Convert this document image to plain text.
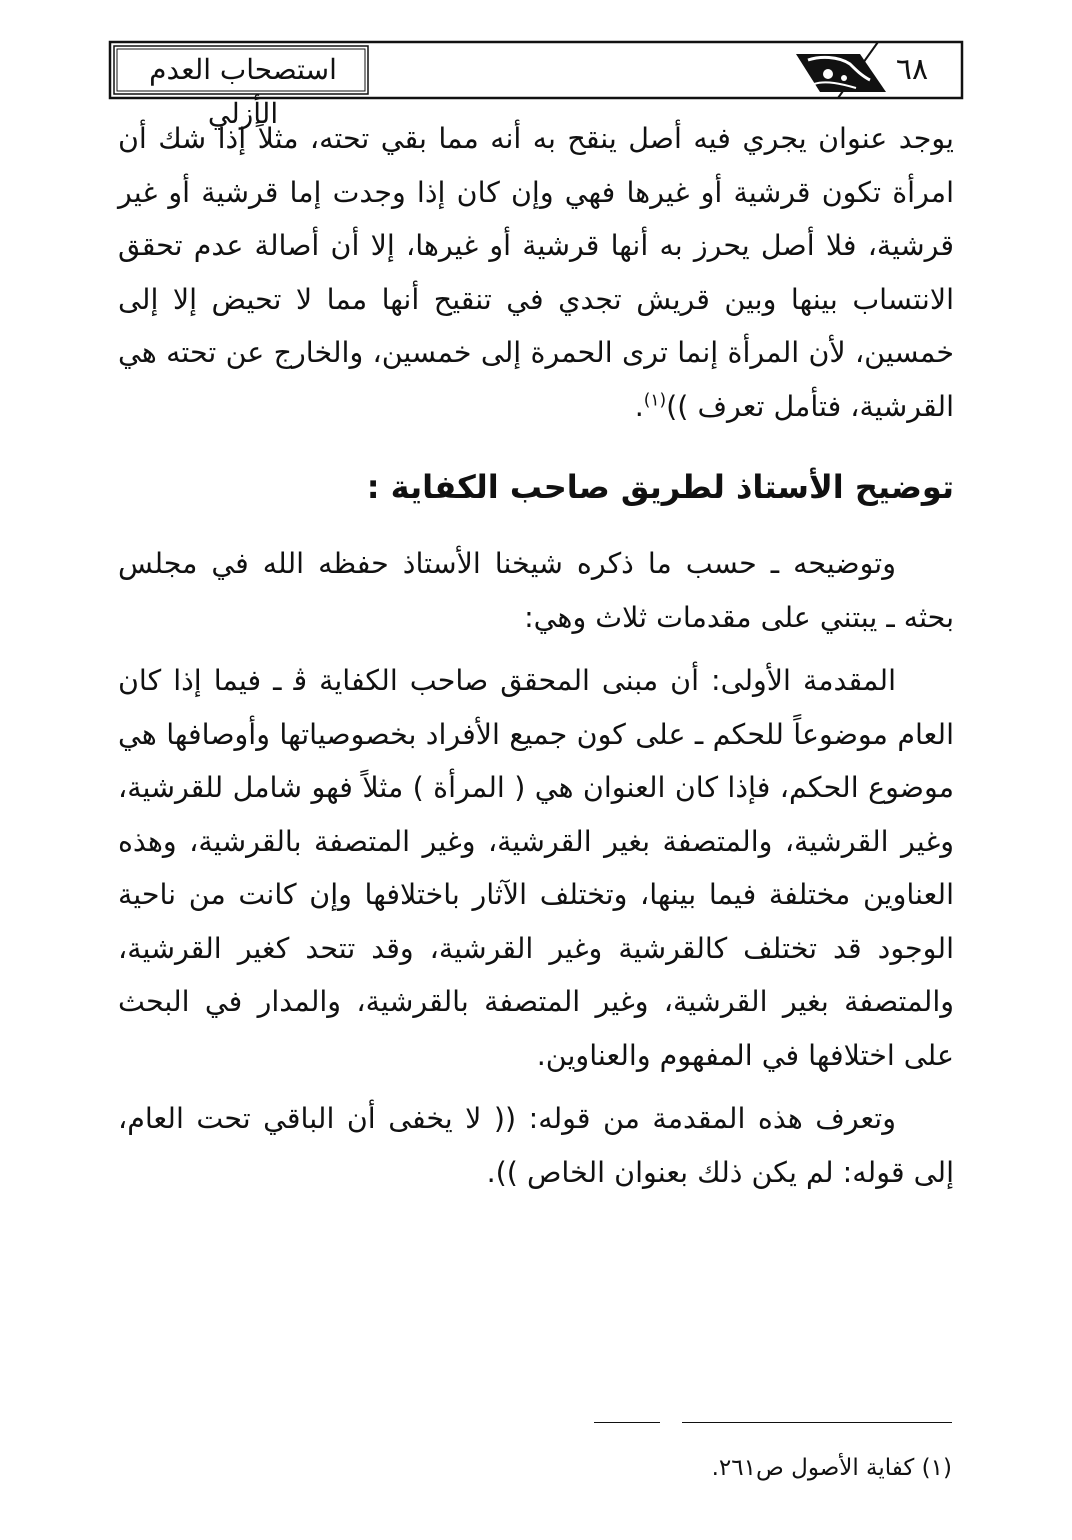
٦٨
استصحاب العدم الأزلي

يوجد عنوان يجري فيه أصل ينقح به أنه مما بقي تحته، مثلاً إذا شك أن امرأة تكون قرشية أو غيرها فهي وإن كان إذا وجدت إما قرشية أو غير قرشية، فلا أصل يحرز به أنها قرشية أو غيرها، إلا أن أصالة عدم تحقق الانتساب بينها وبين قريش تجدي في تنقيح أنها مما لا تحيض إلا إلى خمسين، لأن المرأة إنما ترى الحمرة إلى خمسين، والخارج عن تحته هي القرشية، فتأمل تعرف ))$^{(١)}$.

توضيح الأستاذ لطريق صاحب الكفاية :

وتوضيحه ـ حسب ما ذكره شيخنا الأستاذ حفظه الله في مجلس بحثه ـ يبتني على مقدمات ثلاث وهي:

المقدمة الأولى: أن مبنى المحقق صاحب الكفاية ﭬ ـ فيما إذا كان العام موضوعاً للحكم ـ على كون جميع الأفراد بخصوصياتها وأوصافها هي موضوع الحكم، فإذا كان العنوان هي ( المرأة ) مثلاً فهو شامل للقرشية، وغير القرشية، والمتصفة بغير القرشية، وغير المتصفة بالقرشية، وهذه العناوين مختلفة فيما بينها، وتختلف الآثار باختلافها وإن كانت من ناحية الوجود قد تختلف كالقرشية وغير القرشية، وقد تتحد كغير القرشية، والمتصفة بغير القرشية، وغير المتصفة بالقرشية، والمدار في البحث على اختلافها في المفهوم والعناوين.

وتعرف هذه المقدمة من قوله: (( لا يخفى أن الباقي تحت العام، إلى قوله: لم يكن ذلك بعنوان الخاص )).

(١) كفاية الأصول ص٢٦١.
